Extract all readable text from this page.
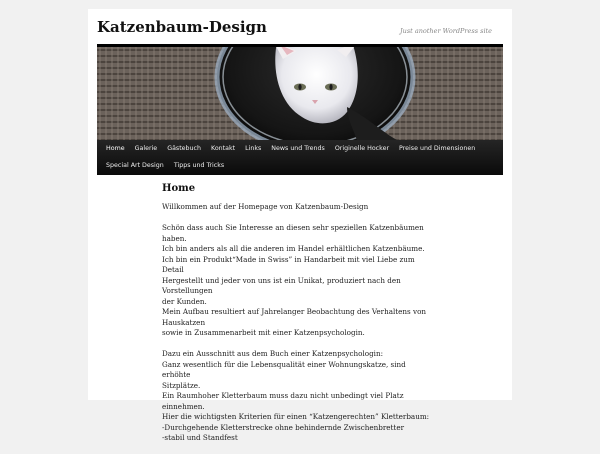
Katzenbaum-Design	Just another WordPress site
Home	Galerie	Gästebuch	Kontakt	Links	News und Trends	Originelle Hocker	Preise und Dimensionen
Special Art Design	Tipps und Tricks
Home

Willkommen auf der Homepage von Katzenbaum-Design

Schön dass auch Sie Interesse an diesen sehr speziellen Katzenbäumen
haben.
Ich bin anders als all die anderen im Handel erhältlichen Katzenbäume.
Ich bin ein Produkt“Made in Swiss” in Handarbeit mit viel Liebe zum Detail
Hergestellt und jeder von uns ist ein Unikat, produziert nach den
Vorstellungen
der Kunden.
Mein Aufbau resultiert auf Jahrelanger Beobachtung des Verhaltens von
Hauskatzen
sowie in Zusammenarbeit mit einer Katzenpsychologin.

Dazu ein Ausschnitt aus dem Buch einer Katzenpsychologin:
Ganz wesentlich für die Lebensqualität einer Wohnungskatze, sind erhöhte
Sitzplätze.
Ein Raumhoher Kletterbaum muss dazu nicht unbedingt viel Platz einnehmen.
Hier die wichtigsten Kriterien für einen “Katzengerechten” Kletterbaum:
-Durchgehende Kletterstrecke ohne behindernde Zwischenbretter
-stabil und Standfest
